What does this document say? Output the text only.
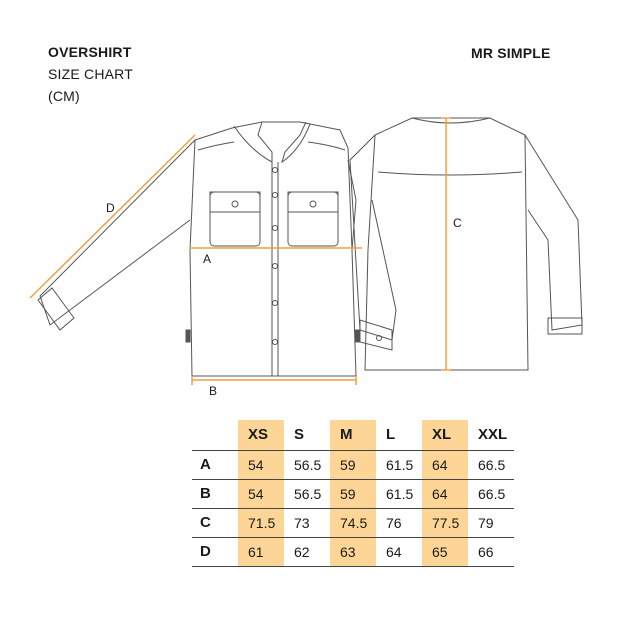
OVERSHIRT
SIZE CHART
(CM)
MR SIMPLE
A
B
C
D
	XS	S	M	L	XL	XXL
A	54	56.5	59	61.5	64	66.5
B	54	56.5	59	61.5	64	66.5
C	71.5	73	74.5	76	77.5	79
D	61	62	63	64	65	66
